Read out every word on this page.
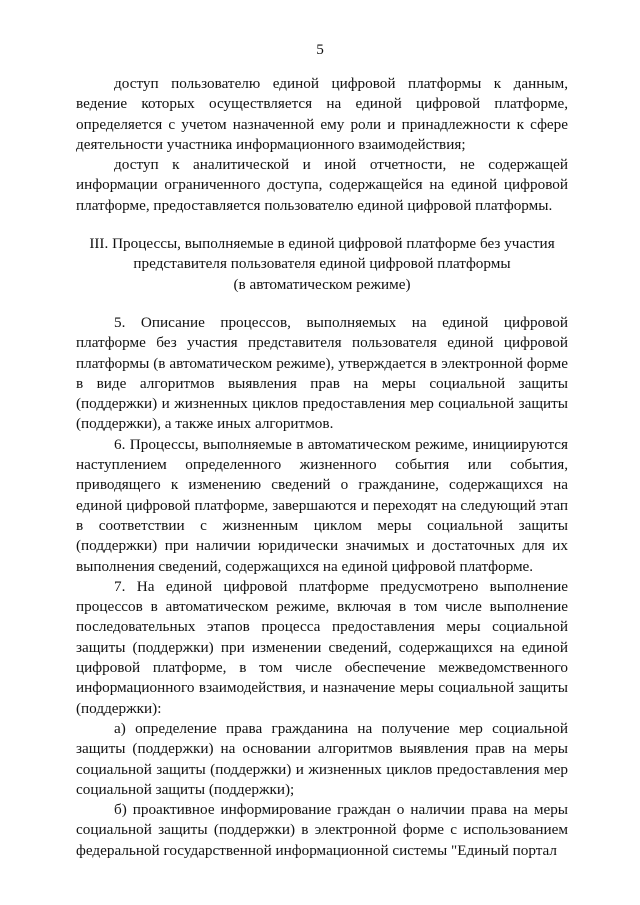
5

доступ пользователю единой цифровой платформы к данным, ведение которых осуществляется на единой цифровой платформе, определяется с учетом назначенной ему роли и принадлежности к сфере деятельности участника информационного взаимодействия;

доступ к аналитической и иной отчетности, не содержащей информации ограниченного доступа, содержащейся на единой цифровой платформе, предоставляется пользователю единой цифровой платформы.

III. Процессы, выполняемые в единой цифровой платформе без участия
представителя пользователя единой цифровой платформы
(в автоматическом режиме)

5. Описание процессов, выполняемых на единой цифровой платформе без участия представителя пользователя единой цифровой платформы (в автоматическом режиме), утверждается в электронной форме в виде алгоритмов выявления прав на меры социальной защиты (поддержки) и жизненных циклов предоставления мер социальной защиты (поддержки), а также иных алгоритмов.

6. Процессы, выполняемые в автоматическом режиме, инициируются наступлением определенного жизненного события или события, приводящего к изменению сведений о гражданине, содержащихся на единой цифровой платформе, завершаются и переходят на следующий этап в соответствии с жизненным циклом меры социальной защиты (поддержки) при наличии юридически значимых и достаточных для их выполнения сведений, содержащихся на единой цифровой платформе.

7. На единой цифровой платформе предусмотрено выполнение процессов в автоматическом режиме, включая в том числе выполнение последовательных этапов процесса предоставления меры социальной защиты (поддержки) при изменении сведений, содержащихся на единой цифровой платформе, в том числе обеспечение межведомственного информационного взаимодействия, и назначение меры социальной защиты (поддержки):

а) определение права гражданина на получение мер социальной защиты (поддержки) на основании алгоритмов выявления прав на меры социальной защиты (поддержки) и жизненных циклов предоставления мер социальной защиты (поддержки);

б) проактивное информирование граждан о наличии права на меры социальной защиты (поддержки) в электронной форме с использованием федеральной государственной информационной системы "Единый портал
